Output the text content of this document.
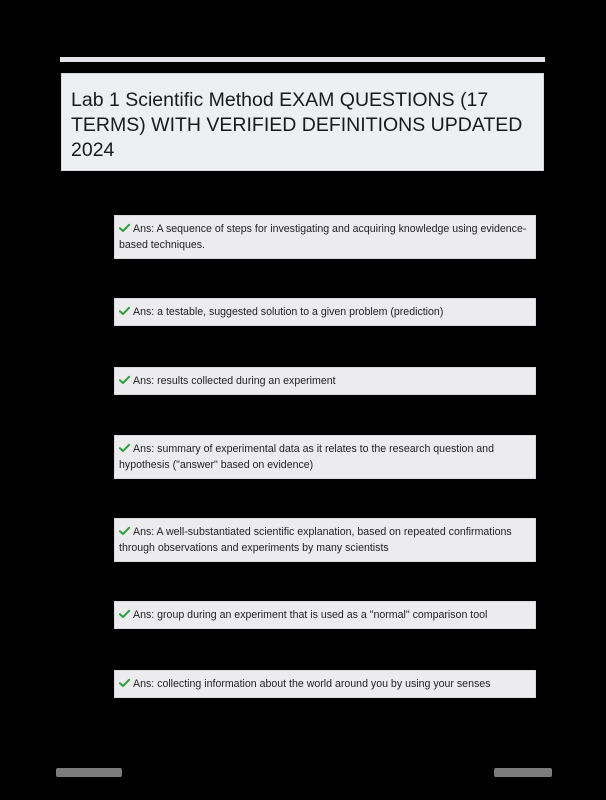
Lab 1 Scientific Method EXAM QUESTIONS (17 TERMS) WITH VERIFIED DEFINITIONS UPDATED 2024
Ans: A sequence of steps for investigating and acquiring knowledge using evidence-based techniques.
Ans: a testable, suggested solution to a given problem (prediction)
Ans: results collected during an experiment
Ans: summary of experimental data as it relates to the research question and hypothesis ("answer" based on evidence)
Ans: A well-substantiated scientific explanation, based on repeated confirmations through observations and experiments by many scientists
Ans: group during an experiment that is used as a "normal" comparison tool
Ans: collecting information about the world around you by using your senses
